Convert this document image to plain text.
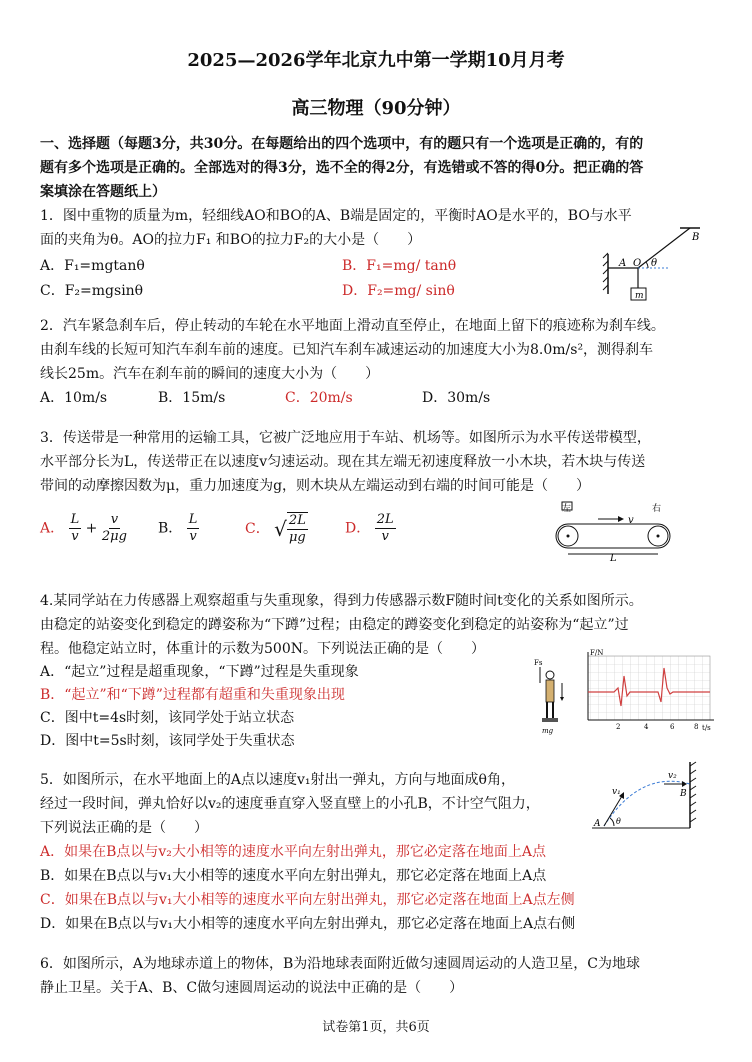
2025—2026学年北京九中第一学期10月月考
高三物理（90分钟）
一、选择题（每题3分，共30分。在每题给出的四个选项中，有的题只有一个选项是正确的，有的
题有多个选项是正确的。全部选对的得3分，选不全的得2分，有选错或不答的得0分。把正确的答
案填涂在答题纸上）
1．图中重物的质量为m，轻细线AO和BO的A、B端是固定的，平衡时AO是水平的，BO与水平
面的夹角为θ。AO的拉力F₁ 和BO的拉力F₂的大小是（　　）
A．F₁=mgtanθ	B．F₁=mg/ tanθ
C．F₂=mgsinθ	D．F₂=mg/ sinθ
A O
B
θ
m
2．汽车紧急刹车后，停止转动的车轮在水平地面上滑动直至停止，在地面上留下的痕迹称为刹车线。
由刹车线的长短可知汽车刹车前的速度。已知汽车刹车减速运动的加速度大小为8.0m/s²，测得刹车
线长25m。汽车在刹车前的瞬间的速度大小为（　　）
A．10m/s	B．15m/s	C．20m/s	D．30m/s
3．传送带是一种常用的运输工具，它被广泛地应用于车站、机场等。如图所示为水平传送带模型，
水平部分长为L，传送带正在以速度v匀速运动。现在其左端无初速度释放一小木块，若木块与传送
带间的动摩擦因数为μ，重力加速度为g，则木块从左端运动到右端的时间可能是（　　）
A． $\frac{L}{v} + \frac{v}{2\mu g}$ B． $\frac{L}{v}$	C． √ $\frac{2L}{\mu g}$	D． $\frac{2L}{v}$
左	右
v
L
4.某同学站在力传感器上观察超重与失重现象，得到力传感器示数F随时间t变化的关系如图所示。
由稳定的站姿变化到稳定的蹲姿称为“下蹲”过程；由稳定的蹲姿变化到稳定的站姿称为“起立”过
程。他稳定站立时，体重计的示数为500N。下列说法正确的是（　　）
A．“起立”过程是超重现象，“下蹲”过程是失重现象
B．“起立”和“下蹲”过程都有超重和失重现象出现
C．图中t=4s时刻，该同学处于站立状态
D．图中t=5s时刻，该同学处于失重状态
Fs
mg
F/N
t/s
2	4	6	8
5．如图所示，在水平地面上的A点以速度v₁射出一弹丸，方向与地面成θ角，
经过一段时间，弹丸恰好以v₂的速度垂直穿入竖直壁上的小孔B，不计空气阻力，
下列说法正确的是（　　）
A．如果在B点以与v₂大小相等的速度水平向左射出弹丸，那它必定落在地面上A点
B．如果在B点以与v₁大小相等的速度水平向左射出弹丸，那它必定落在地面上A点
C．如果在B点以与v₁大小相等的速度水平向左射出弹丸，那它必定落在地面上A点左侧
D．如果在B点以与v₁大小相等的速度水平向左射出弹丸，那它必定落在地面上A点右侧
v₁
v₂
A
B
θ
6．如图所示，A为地球赤道上的物体，B为沿地球表面附近做匀速圆周运动的人造卫星，C为地球
静止卫星。关于A、B、C做匀速圆周运动的说法中正确的是（　　）
试卷第1页，共6页
